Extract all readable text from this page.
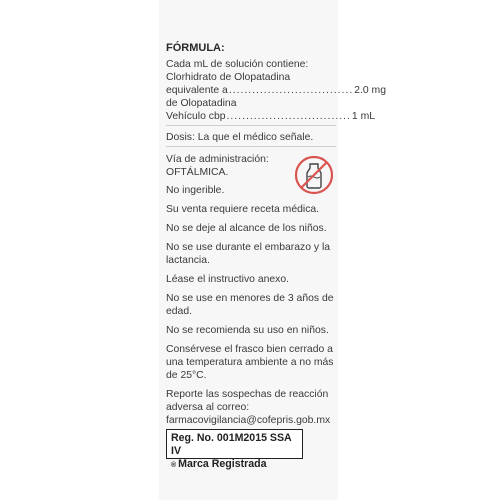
FÓRMULA:
Cada mL de solución contiene:
Clorhidrato de Olopatadina
equivalente a ................................ 2.0 mg
de Olopatadina
Vehículo cbp ................................ 1 mL
Dosis: La que el médico señale.
Vía de administración:
OFTÁLMICA.
No ingerible.
Su venta requiere receta médica.
No se deje al alcance de los niños.
No se use durante el embarazo y la lactancia.
Léase el instructivo anexo.
No se use en menores de 3 años de edad.
No se recomienda su uso en niños.
Consérvese el frasco bien cerrado a una temperatura ambiente a no más de 25°C.
Reporte las sospechas de reacción adversa al correo: farmacovigilancia@cofepris.gob.mx
Reg. No. 001M2015 SSA IV
® Marca Registrada
